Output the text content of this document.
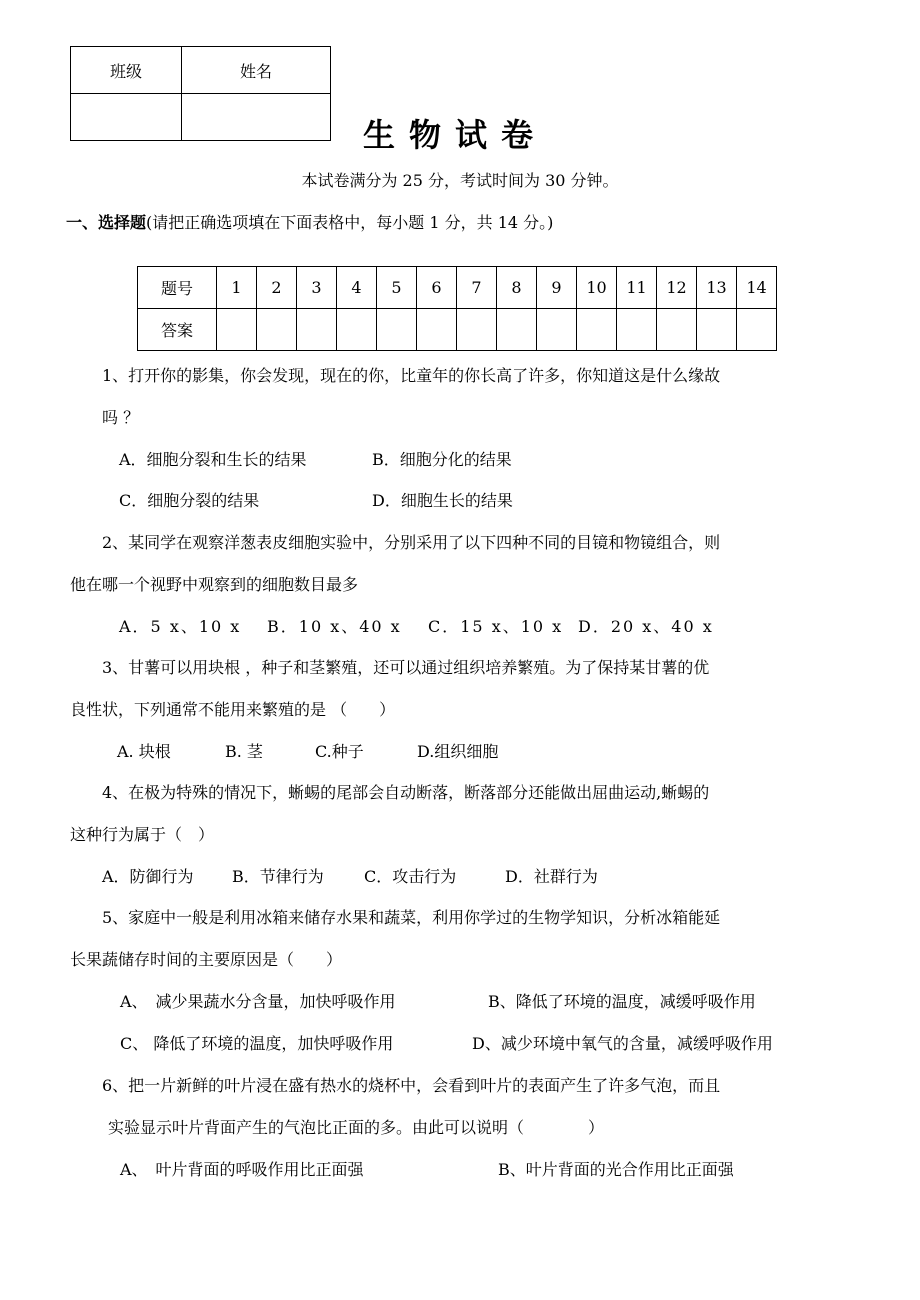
班级	姓名

生物试卷
本试卷满分为 25 分，考试时间为 30 分钟。
一、选择题(请把正确选项填在下面表格中，每小题 1 分，共 14 分。)
题号	1	2	3	4	5	6	7	8	9	10	11	12	13	14
答案														
1、打开你的影集，你会发现，现在的你，比童年的你长高了许多，你知道这是什么缘故
吗 ？
A．细胞分裂和生长的结果	B．细胞分化的结果
C．细胞分裂的结果	D．细胞生长的结果
2、某同学在观察洋葱表皮细胞实验中，分别采用了以下四种不同的目镜和物镜组合，则
他在哪一个视野中观察到的细胞数目最多
A．5 x、10 x B．10 x、40 x C．15 x、10 x D．20 x、40 x
3、甘薯可以用块根 ，种子和茎繁殖，还可以通过组织培养繁殖。为了保持某甘薯的优
良性状，下列通常不能用来繁殖的是 （　　）
A. 块根	B. 茎	C.种子	D.组织细胞
4、在极为特殊的情况下，蜥蜴的尾部会自动断落，断落部分还能做出屈曲运动,蜥蜴的
这种行为属于（　）
A．防御行为 B．节律行为	C．攻击行为	D．社群行为
5、家庭中一般是利用冰箱来储存水果和蔬菜，利用你学过的生物学知识，分析冰箱能延
长果蔬储存时间的主要原因是（　　）
A、　减少果蔬水分含量，加快呼吸作用	B、降低了环境的温度，减缓呼吸作用
C、 降低了环境的温度，加快呼吸作用	D、减少环境中氧气的含量，减缓呼吸作用
6、把一片新鲜的叶片浸在盛有热水的烧杯中，会看到叶片的表面产生了许多气泡，而且
实验显示叶片背面产生的气泡比正面的多。由此可以说明（　　　　）
A、　叶片背面的呼吸作用比正面强	B、叶片背面的光合作用比正面强
